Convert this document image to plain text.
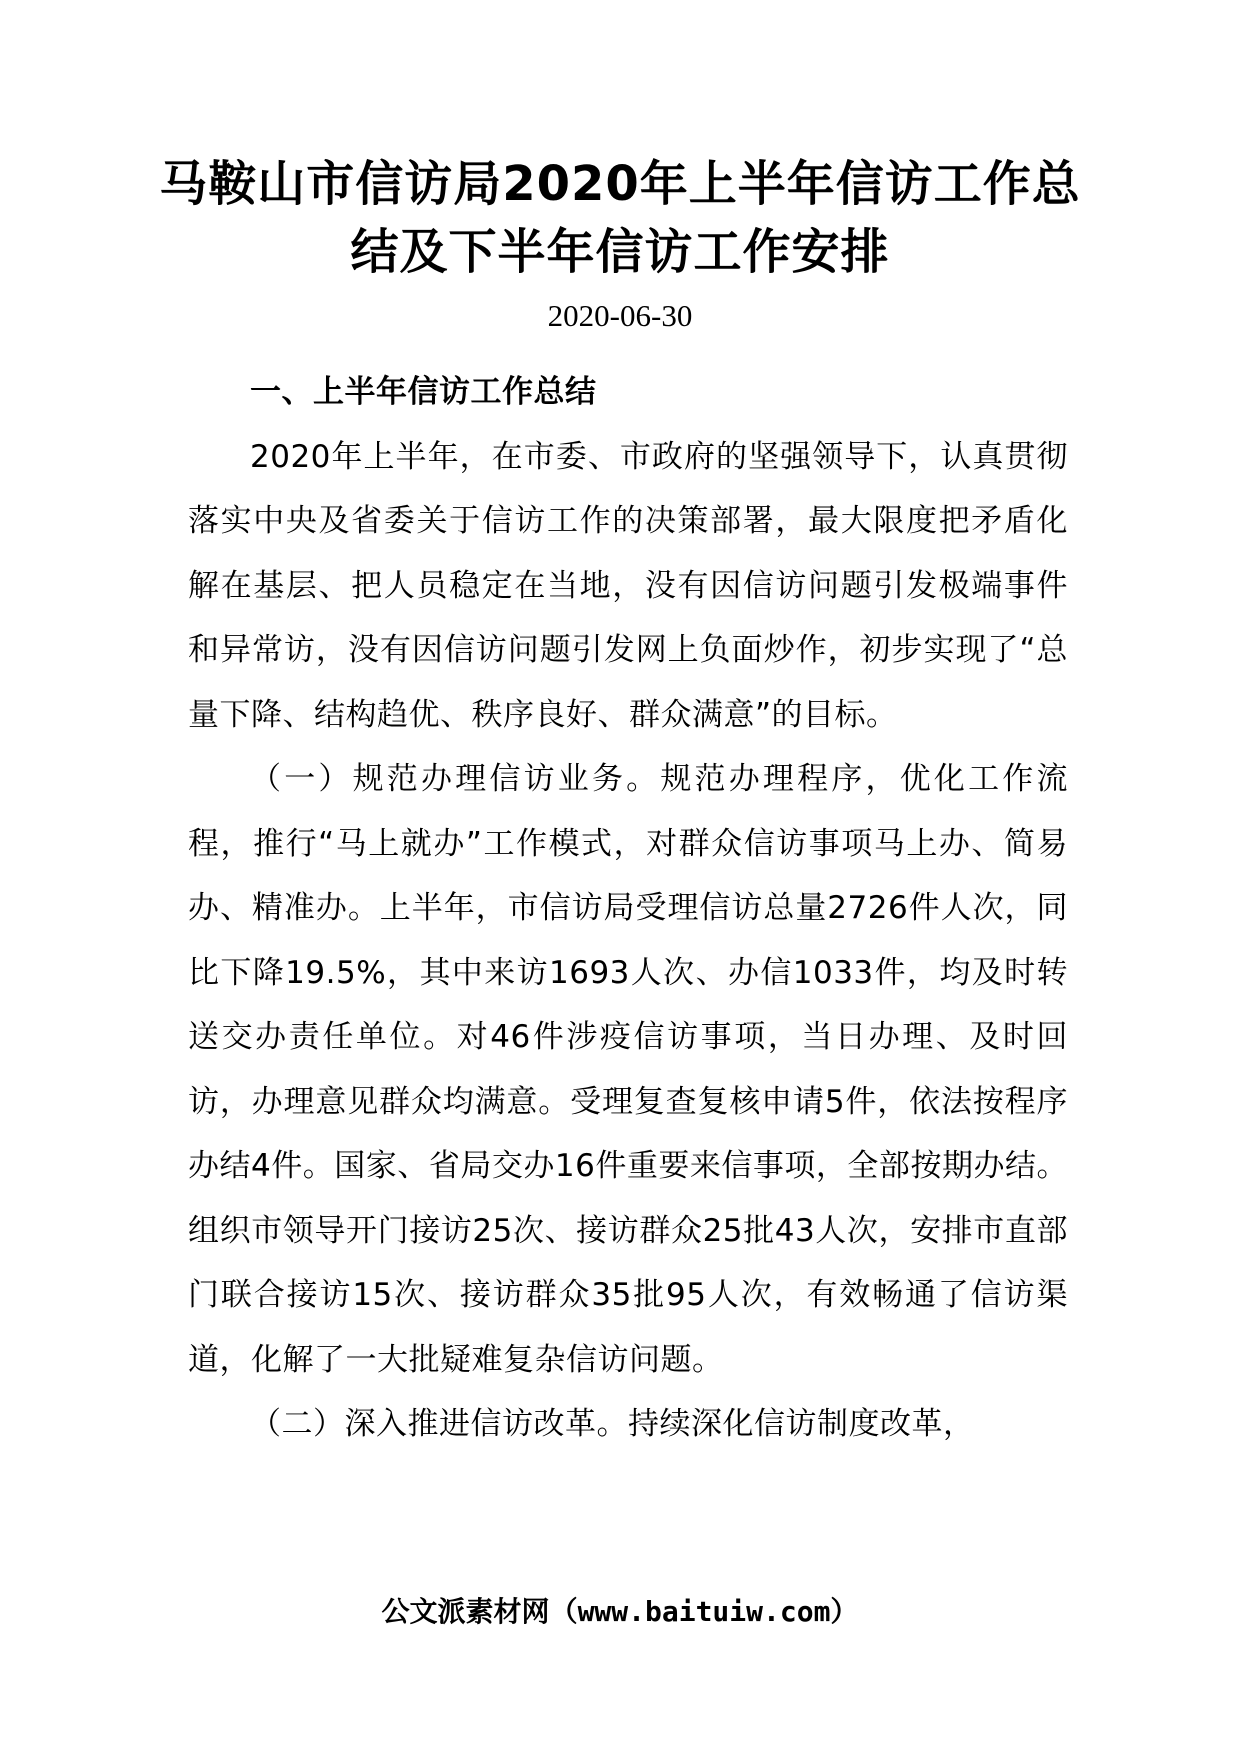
马鞍山市信访局2020年上半年信访工作总结及下半年信访工作安排
2020-06-30

一、上半年信访工作总结

2020年上半年，在市委、市政府的坚强领导下，认真贯彻落实中央及省委关于信访工作的决策部署，最大限度把矛盾化解在基层、把人员稳定在当地，没有因信访问题引发极端事件和异常访，没有因信访问题引发网上负面炒作，初步实现了“总量下降、结构趋优、秩序良好、群众满意”的目标。

（一）规范办理信访业务。规范办理程序，优化工作流程，推行“马上就办”工作模式，对群众信访事项马上办、简易办、精准办。上半年，市信访局受理信访总量2726件人次，同比下降19.5%，其中来访1693人次、办信1033件，均及时转送交办责任单位。对46件涉疫信访事项，当日办理、及时回访，办理意见群众均满意。受理复查复核申请5件，依法按程序办结4件。国家、省局交办16件重要来信事项，全部按期办结。组织市领导开门接访25次、接访群众25批43人次，安排市直部门联合接访15次、接访群众35批95人次，有效畅通了信访渠道，化解了一大批疑难复杂信访问题。

（二）深入推进信访改革。持续深化信访制度改革，

公文派素材网（www.baituiw.com）
